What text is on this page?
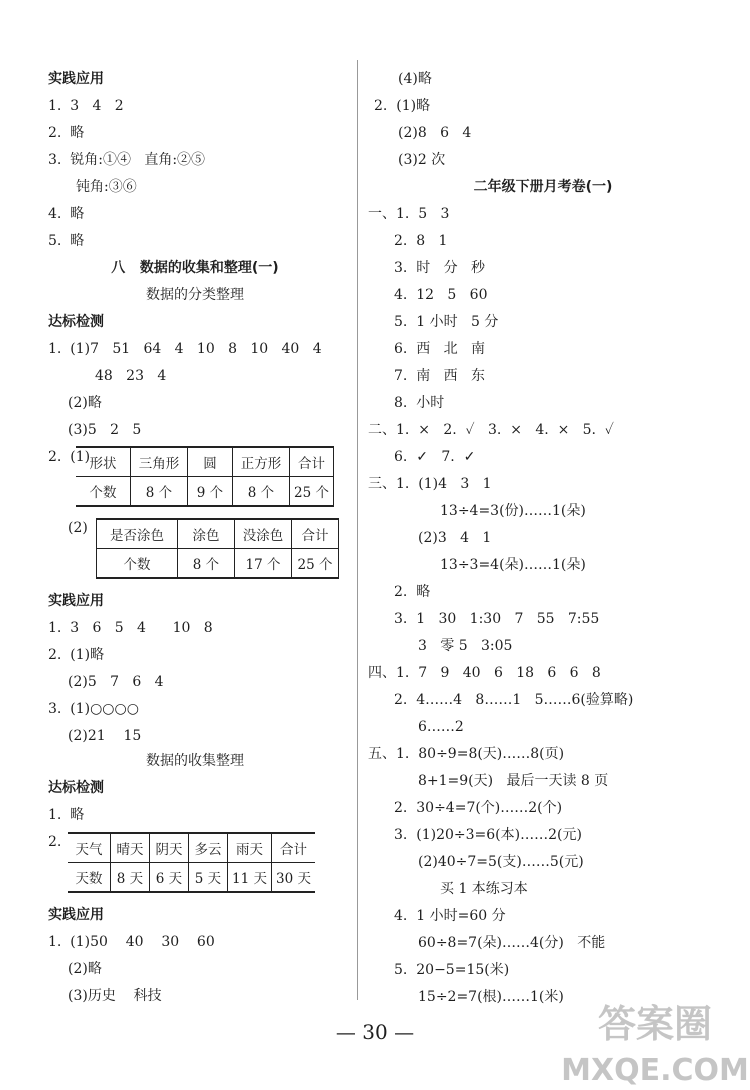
实践应用
1.  3   4   2
2.  略
3.  锐角:①④   直角:②⑤
钝角:③⑥
4.  略
5.  略
八   数据的收集和整理(一)
数据的分类整理
达标检测
1.  (1)7   51   64   4   10   8   10   40   4
48   23   4
(2)略
(3)5   2   5
2.  (1) 形状	三角形	圆	正方形	合计
个数	8 个	9 个	8 个	25 个
(2) 是否涂色	涂色	没涂色	合计
个数	8 个	17 个	25 个
实践应用
1.  3   6   5   4      10   8
2.  (1)略
(2)5   7   6   4
3.  (1)○○○○
(2)21    15
数据的收集整理
达标检测
1.  略
2. 天气	晴天	阴天	多云	雨天	合计
天数	8 天	6 天	5 天	11 天	30 天
实践应用
1.  (1)50    40    30    60
(2)略
(3)历史    科技
(4)略
2.  (1)略
(2)8   6   4
(3)2 次
二年级下册月考卷(一)
一、1.  5   3
2.  8   1
3.  时   分   秒
4.  12   5   60
5.  1 小时   5 分
6.  西   北   南
7.  南   西   东
8.  小时
二、1.  ×   2.  ✓   3.  ×   4.  ×   5.  ✓
6.  ✓   7.  ✓
三、1.  (1)4   3   1
13÷4=3(份)……1(朵)
(2)3   4   1
13÷3=4(朵)……1(朵)
2.  略
3.  1   30   1:30   7   55   7:55
3   零 5   3:05
四、1.  7   9   40   6   18   6   6   8
2.  4……4   8……1   5……6(验算略)
6……2
五、1.  80÷9=8(天)……8(页)
8+1=9(天)   最后一天读 8 页
2.  30÷4=7(个)……2(个)
3.  (1)20÷3=6(本)……2(元)
(2)40÷7=5(支)……5(元)
买 1 本练习本
4.  1 小时=60 分
60÷8=7(朵)……4(分)   不能
5.  20−5=15(米)
15÷2=7(根)……1(米)
— 30 —	答案圈
MXQE.COM
